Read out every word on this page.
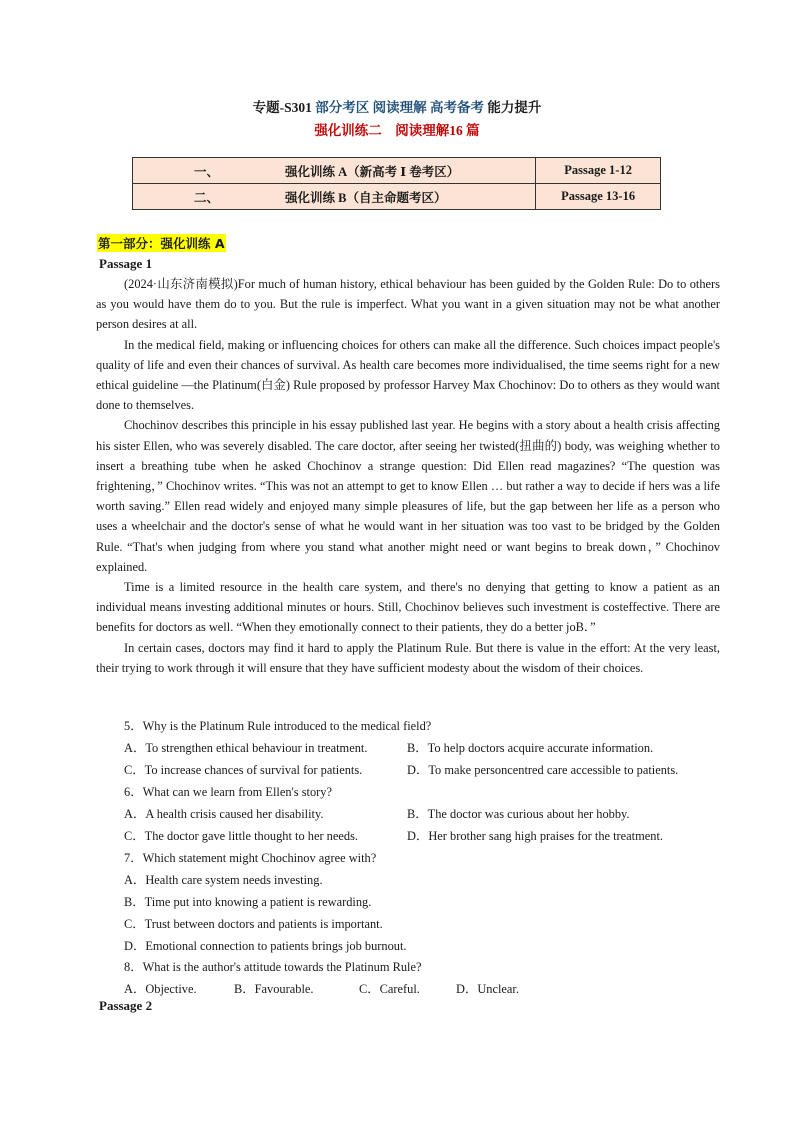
专题-S301 部分考区 阅读理解 高考备考 能力提升
强化训练二　阅读理解16 篇
一、 强化训练 A（新高考 Ⅰ 卷考区）	Passage 1-12
二、 强化训练 B（自主命题考区）	Passage 13-16
第一部分：强化训练 A
Passage 1

(2024·山东济南模拟)For much of human history, ethical behaviour has been guided by the Golden Rule: Do to others as you would have them do to you. But the rule is imperfect. What you want in a given situation may not be what another person desires at all.

In the medical field, making or influencing choices for others can make all the difference. Such choices impact people's quality of life and even their chances of survival. As health care becomes more individualised, the time seems right for a new ethical guideline —the Platinum(白金) Rule proposed by professor Harvey Max Chochinov: Do to others as they would want done to themselves.

Chochinov describes this principle in his essay published last year. He begins with a story about a health crisis affecting his sister Ellen, who was severely disabled. The care doctor, after seeing her twisted(扭曲的) body, was weighing whether to insert a breathing tube when he asked Chochinov a strange question: Did Ellen read magazines? “The question was frightening，” Chochinov writes. “This was not an attempt to get to know Ellen … but rather a way to decide if hers was a life worth saving.” Ellen read widely and enjoyed many simple pleasures of life, but the gap between her life as a person who uses a wheelchair and the doctor's sense of what he would want in her situation was too vast to be bridged by the Golden Rule. “That's when judging from where you stand what another might need or want begins to break down，” Chochinov explained.

Time is a limited resource in the health care system, and there's no denying that getting to know a patient as an individual means investing additional minutes or hours. Still, Chochinov believes such investment is costeffective. There are benefits for doctors as well. “When they emotionally connect to their patients, they do a better joB．”

In certain cases, doctors may find it hard to apply the Platinum Rule. But there is value in the effort: At the very least, their trying to work through it will ensure that they have sufficient modesty about the wisdom of their choices.

5．Why is the Platinum Rule introduced to the medical field?
A．To strengthen ethical behaviour in treatment.	B．To help doctors acquire accurate information.
C．To increase chances of survival for patients.	D．To make personcentred care accessible to patients.
6．What can we learn from Ellen's story?
A．A health crisis caused her disability.	B．The doctor was curious about her hobby.
C．The doctor gave little thought to her needs.	D．Her brother sang high praises for the treatment.
7．Which statement might Chochinov agree with?
A．Health care system needs investing.
B．Time put into knowing a patient is rewarding.
C．Trust between doctors and patients is important.
D．Emotional connection to patients brings job burnout.
8．What is the author's attitude towards the Platinum Rule?
A．Objective.	B．Favourable.	C．Careful.	D．Unclear.
Passage 2
